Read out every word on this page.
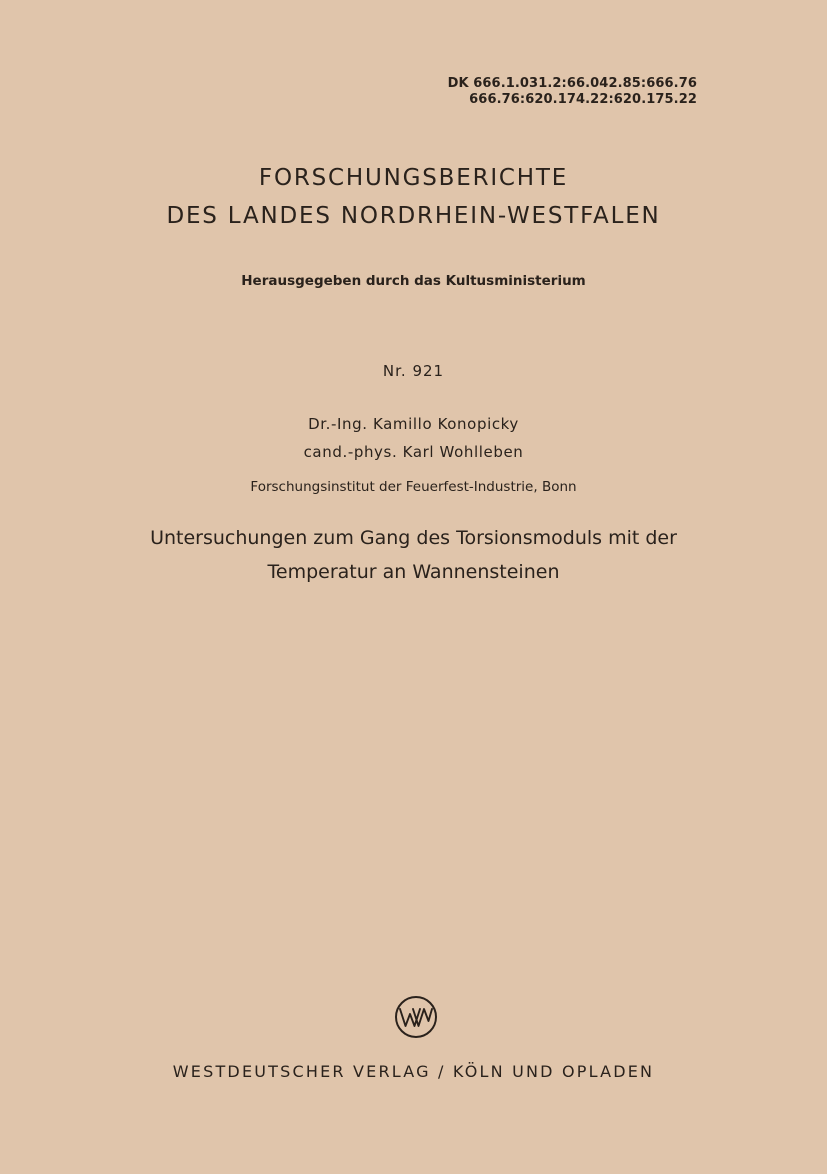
DK 666.1.031.2:66.042.85:666.76
666.76:620.174.22:620.175.22
FORSCHUNGSBERICHTE
DES LANDES NORDRHEIN-WESTFALEN
Herausgegeben durch das Kultusministerium
Nr. 921
Dr.-Ing. Kamillo Konopicky
cand.-phys. Karl Wohlleben
Forschungsinstitut der Feuerfest-Industrie, Bonn
Untersuchungen zum Gang des Torsionsmoduls mit der
Temperatur an Wannensteinen
WESTDEUTSCHER VERLAG / KÖLN UND OPLADEN
